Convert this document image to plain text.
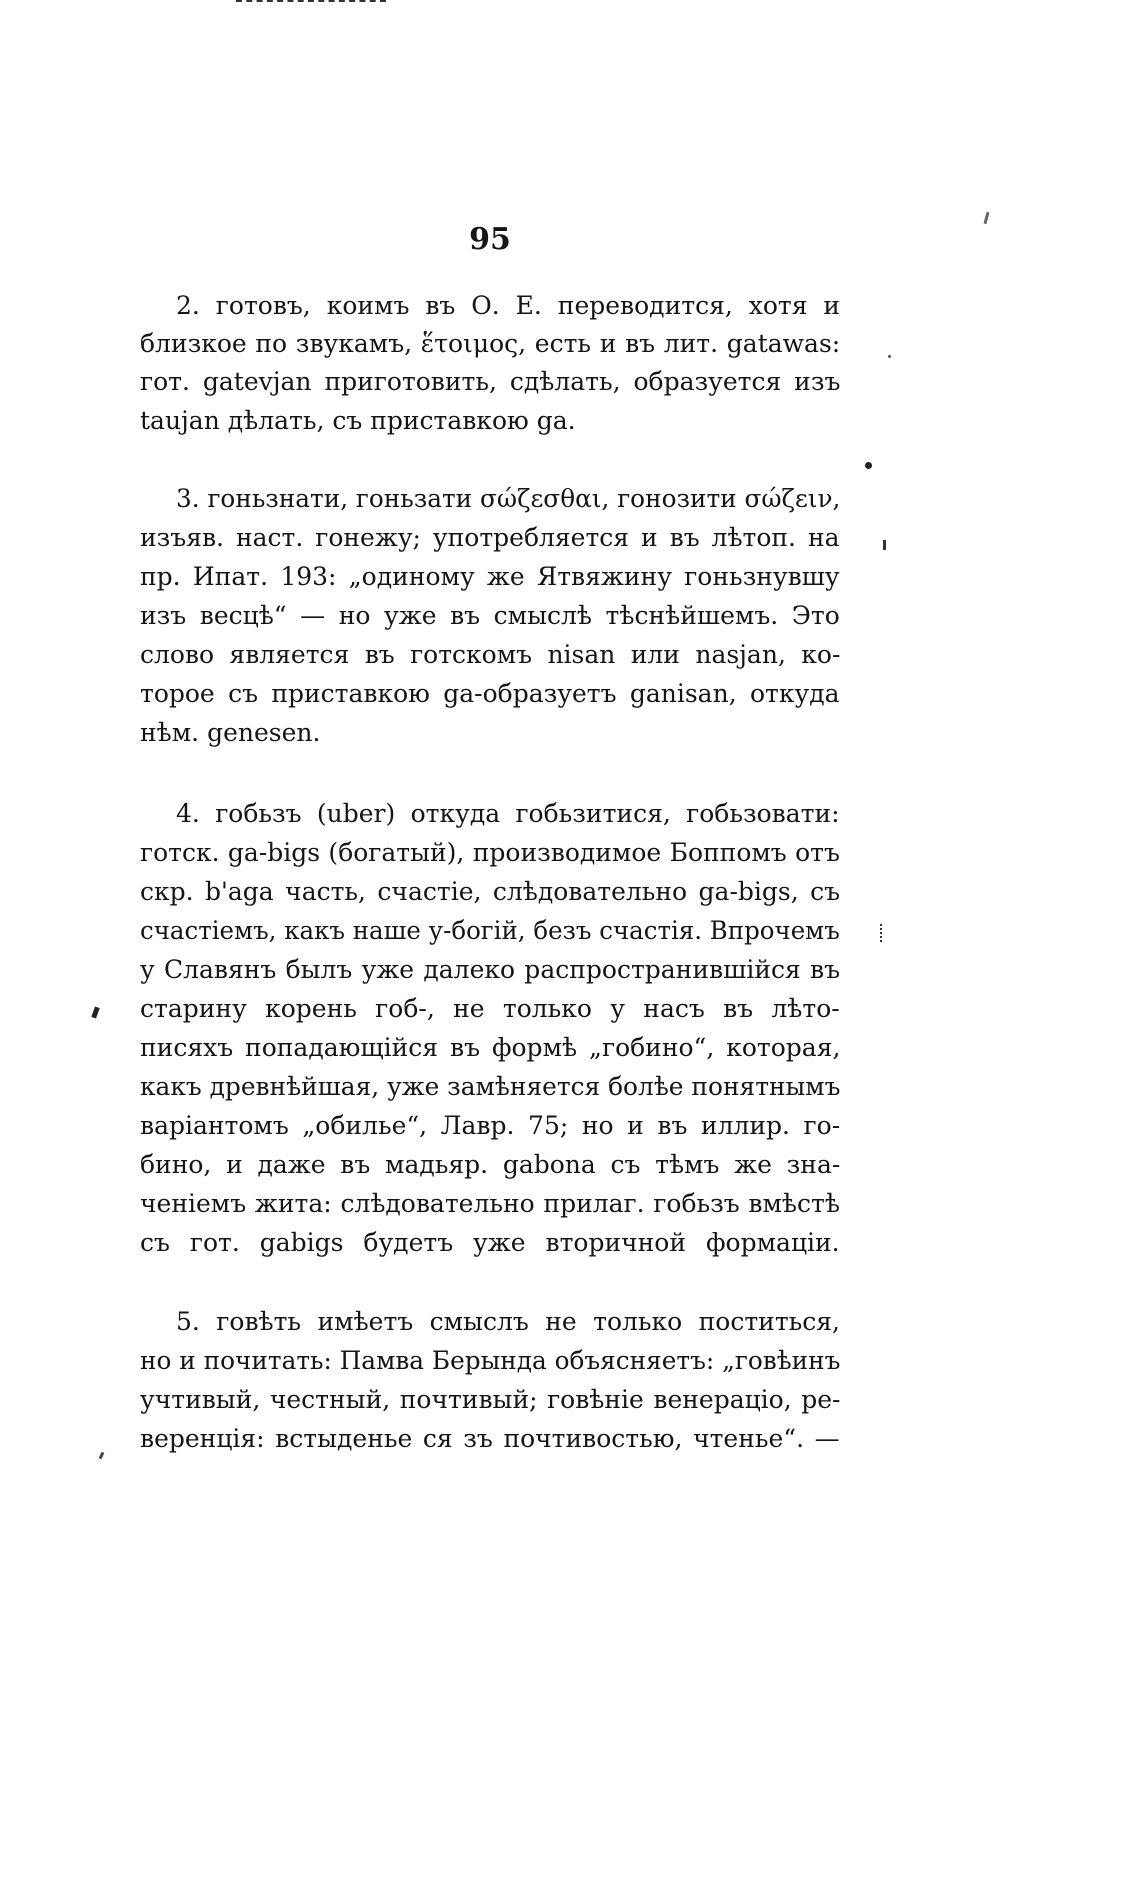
95
2. готовъ, коимъ въ О. Е. переводится, хотя и
близкое по звукамъ, ἕτοιμος, есть и въ лит. gatawas:
гот. gatevjan приготовить, сдѣлать, образуется изъ
taujan дѣлать, съ приставкою ga.
3. гоньзнати, гоньзати σώζεσθαι, гонозити σώζειν,
изъяв. наст. гонежу; употребляется и въ лѣтоп. на
пр. Ипат. 193: „одиному же Ятвяжину гоньзнувшу
изъ весцѣ“ — но уже въ смыслѣ тѣснѣйшемъ. Это
слово является въ готскомъ nisan или nasjan, ко-
торое съ приставкою ga-образуетъ ganisan, откуда
нѣм. genesen.
4. гобьзъ (uber) откуда гобьзитися, гобьзовати:
готск. ga-bigs (богатый), производимое Боппомъ отъ
скр. b'aga часть, счастіе, слѣдовательно ga-bigs, съ
счастіемъ, какъ наше у-богій, безъ счастія. Впрочемъ
у Славянъ былъ уже далеко распространившійся въ
старину корень гоб-, не только у насъ въ лѣто-
писяхъ попадающійся въ формѣ „гобино“, которая,
какъ древнѣйшая, уже замѣняется болѣе понятнымъ
варіантомъ „обилье“, Лавр. 75; но и въ иллир. го-
бино, и даже въ мадьяр. gabona съ тѣмъ же зна-
ченіемъ жита: слѣдовательно прилаг. гобьзъ вмѣстѣ
съ гот. gabigs будетъ уже вторичной формаціи.
5. говѣть имѣетъ смыслъ не только поститься,
но и почитать: Памва Берында объясняетъ: „говѣинъ
учтивый, честный, почтивый; говѣніе венерацiо, ре-
веренція: встыденье ся зъ почтивостью, чтенье“. —
